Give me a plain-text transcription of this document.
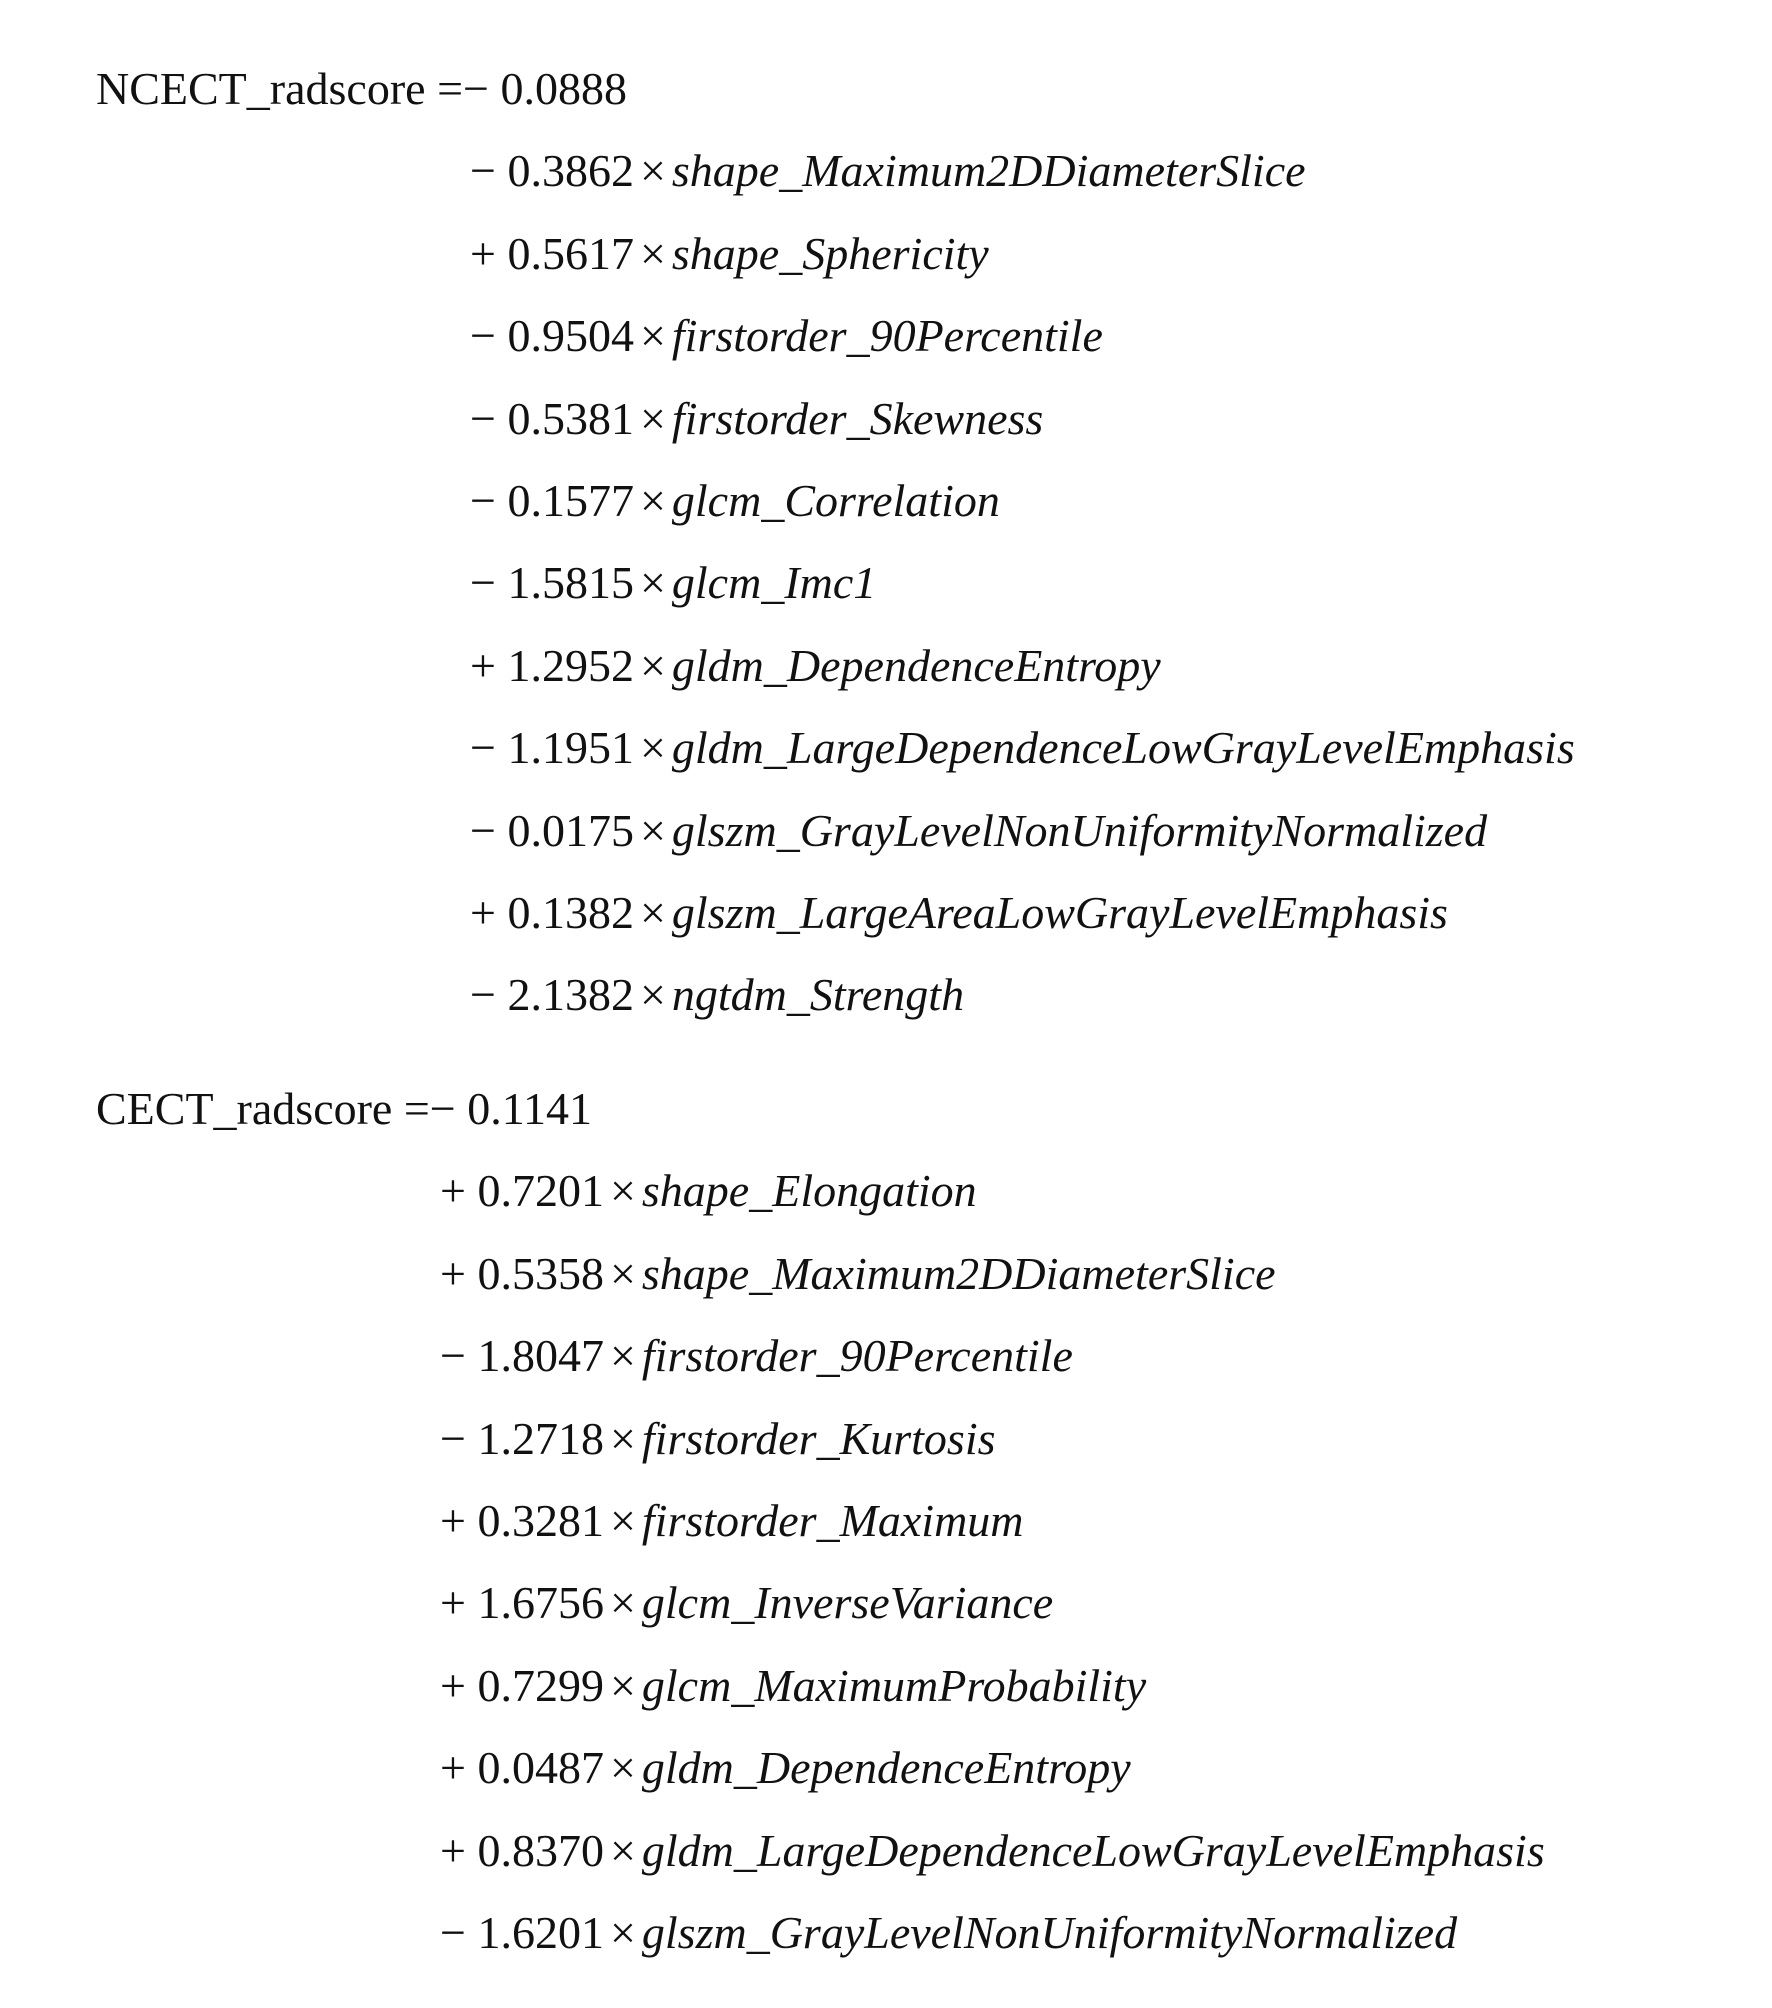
NCECT_radscore =− 0.0888
− 0.3862 × shape_Maximum2DDiameterSlice
+ 0.5617 × shape_Sphericity
− 0.9504 × firstorder_90Percentile
− 0.5381 × firstorder_Skewness
− 0.1577 × glcm_Correlation
− 1.5815 × glcm_Imc1
+ 1.2952 × gldm_DependenceEntropy
− 1.1951 × gldm_LargeDependenceLowGrayLevelEmphasis
− 0.0175 × glszm_GrayLevelNonUniformityNormalized
+ 0.1382 × glszm_LargeAreaLowGrayLevelEmphasis
− 2.1382 × ngtdm_Strength
CECT_radscore =− 0.1141
+ 0.7201 × shape_Elongation
+ 0.5358 × shape_Maximum2DDiameterSlice
− 1.8047 × firstorder_90Percentile
− 1.2718 × firstorder_Kurtosis
+ 0.3281 × firstorder_Maximum
+ 1.6756 × glcm_InverseVariance
+ 0.7299 × glcm_MaximumProbability
+ 0.0487 × gldm_DependenceEntropy
+ 0.8370 × gldm_LargeDependenceLowGrayLevelEmphasis
− 1.6201 × glszm_GrayLevelNonUniformityNormalized
